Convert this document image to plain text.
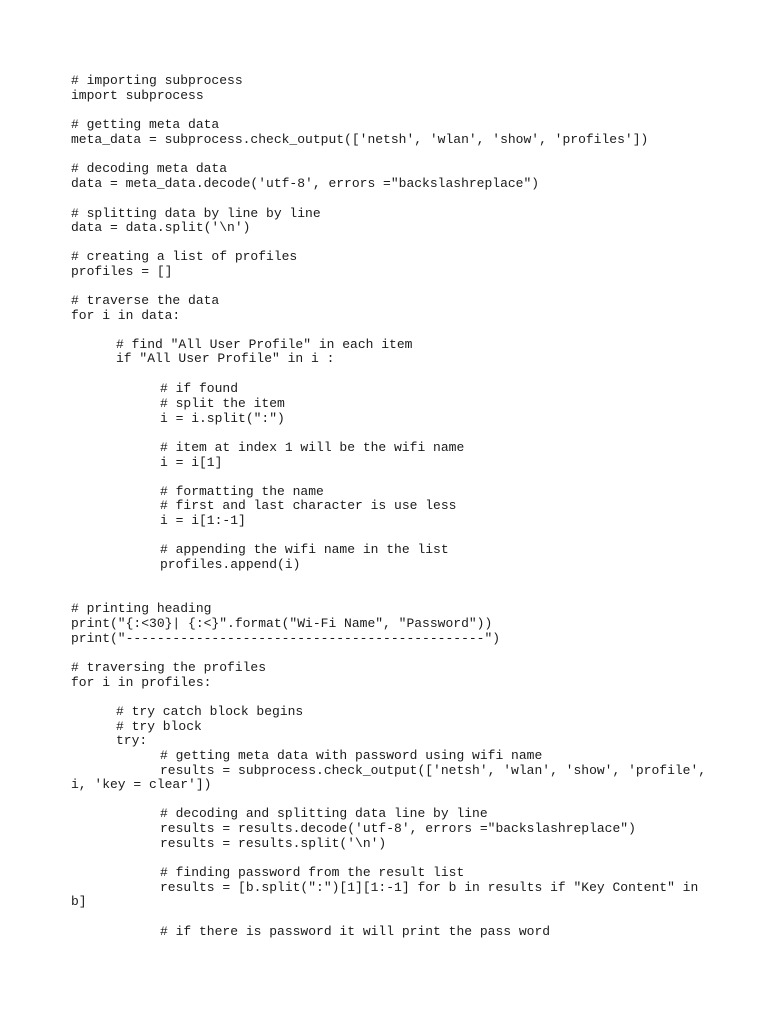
# importing subprocess
import subprocess
# getting meta data
meta_data = subprocess.check_output(['netsh', 'wlan', 'show', 'profiles'])
# decoding meta data
data = meta_data.decode('utf-8', errors ="backslashreplace")
# splitting data by line by line
data = data.split('\n')
# creating a list of profiles
profiles = []
# traverse the data
for i in data:
# find "All User Profile" in each item
if "All User Profile" in i :
# if found
# split the item
i = i.split(":")
# item at index 1 will be the wifi name
i = i[1]
# formatting the name
# first and last character is use less
i = i[1:-1]
# appending the wifi name in the list
profiles.append(i)
# printing heading
print("{:<30}| {:<}".format("Wi-Fi Name", "Password"))
print("----------------------------------------------")
# traversing the profiles
for i in profiles:
# try catch block begins
# try block
try:
# getting meta data with password using wifi name
results = subprocess.check_output(['netsh', 'wlan', 'show', 'profile',
i, 'key = clear'])
# decoding and splitting data line by line
results = results.decode('utf-8', errors ="backslashreplace")
results = results.split('\n')
# finding password from the result list
results = [b.split(":")[1][1:-1] for b in results if "Key Content" in
b]
# if there is password it will print the pass word
